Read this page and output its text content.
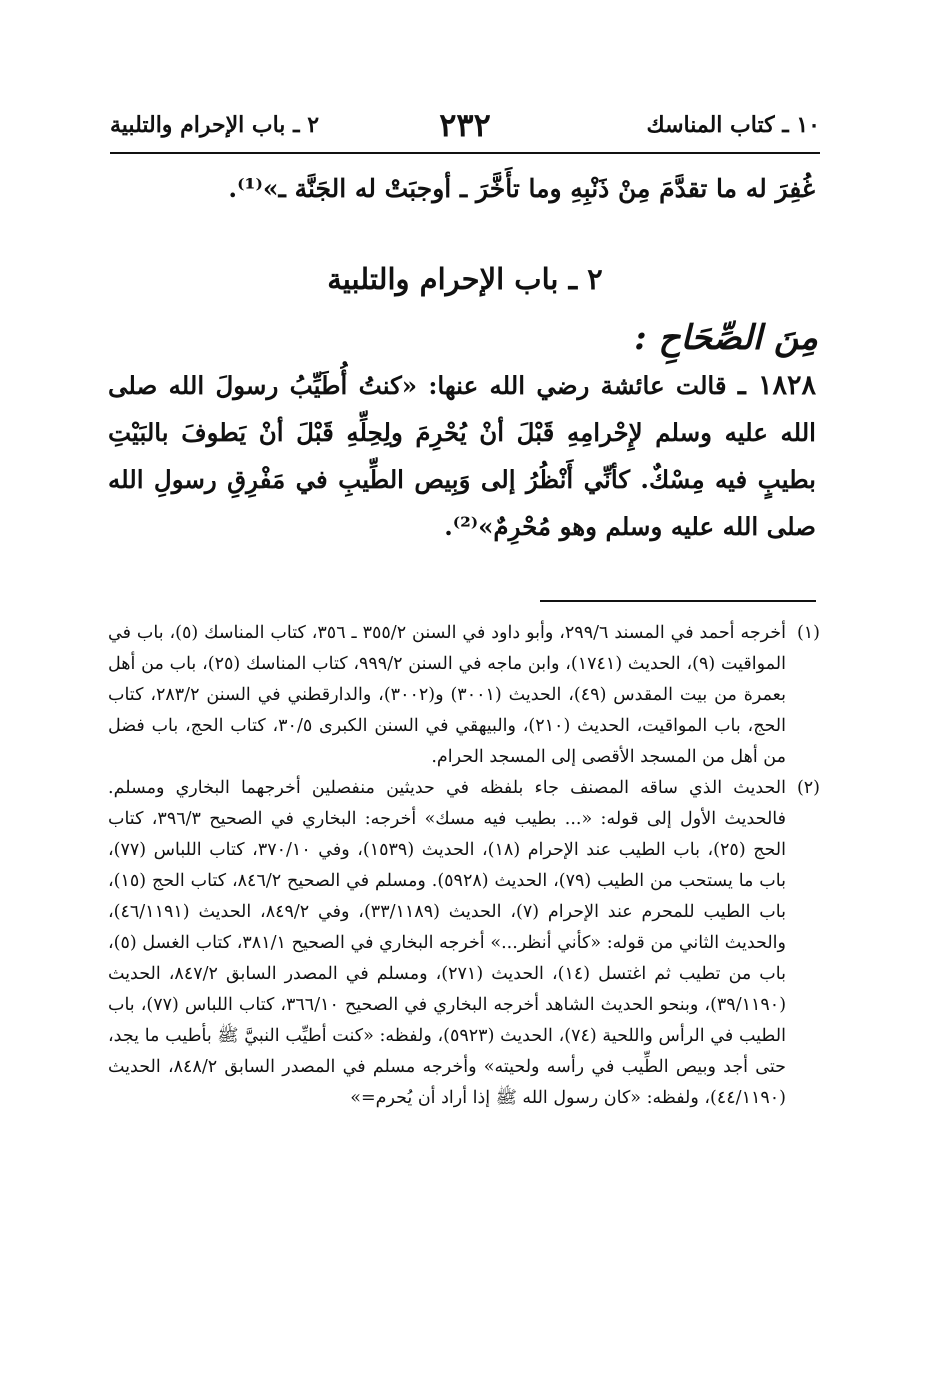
١٠ ـ كتاب المناسك
٢٣٢
٢ ـ باب الإحرام والتلبية
غُفِرَ له ما تقدَّمَ مِنْ ذَنْبِهِ وما تأَخَّرَ ـ أوجبَتْ له الجَنَّة ـ»⁽¹⁾.
٢ ـ باب الإحرام والتلبية
مِنَ الصِّحَاحِ :
١٨٢٨ ـ قالت عائشة رضي الله عنها: «كنتُ أُطَيِّبُ رسولَ الله صلى الله عليه وسلم لإِحْرامِهِ قَبْلَ أنْ يُحْرِمَ ولِحِلِّهِ قَبْلَ أنْ يَطوفَ بالبَيْتِ بطيبٍ فيه مِسْكٌ. كأنِّي أَنْظُرُ إلى وَبِيص الطِّيبِ في مَفْرِقِ رسولِ الله صلى الله عليه وسلم وهو مُحْرِمٌ»⁽²⁾.
(١)
أخرجه أحمد في المسند ٢٩٩/٦، وأبو داود في السنن ٣٥٥/٢ ـ ٣٥٦، كتاب المناسك (٥)، باب في المواقيت (٩)، الحديث (١٧٤١)، وابن ماجه في السنن ٩٩٩/٢، كتاب المناسك (٢٥)، باب من أهل بعمرة من بيت المقدس (٤٩)، الحديث (٣٠٠١) و(٣٠٠٢)، والدارقطني في السنن ٢٨٣/٢، كتاب الحج، باب المواقيت، الحديث (٢١٠)، والبيهقي في السنن الكبرى ٣٠/٥، كتاب الحج، باب فضل من أهل من المسجد الأقصى إلى المسجد الحرام.
(٢)
الحديث الذي ساقه المصنف جاء بلفظه في حديثين منفصلين أخرجهما البخاري ومسلم. فالحديث الأول إلى قوله: «... بطيب فيه مسك» أخرجه: البخاري في الصحيح ٣٩٦/٣، كتاب الحج (٢٥)، باب الطيب عند الإحرام (١٨)، الحديث (١٥٣٩)، وفي ٣٧٠/١٠، كتاب اللباس (٧٧)، باب ما يستحب من الطيب (٧٩)، الحديث (٥٩٢٨). ومسلم في الصحيح ٨٤٦/٢، كتاب الحج (١٥)، باب الطيب للمحرم عند الإحرام (٧)، الحديث (٣٣/١١٨٩)، وفي ٨٤٩/٢، الحديث (٤٦/١١٩١)، والحديث الثاني من قوله: «كأني أنظر...» أخرجه البخاري في الصحيح ٣٨١/١، كتاب الغسل (٥)، باب من تطيب ثم اغتسل (١٤)، الحديث (٢٧١)، ومسلم في المصدر السابق ٨٤٧/٢، الحديث (٣٩/١١٩٠)، وبنحو الحديث الشاهد أخرجه البخاري في الصحيح ٣٦٦/١٠، كتاب اللباس (٧٧)، باب الطيب في الرأس واللحية (٧٤)، الحديث (٥٩٢٣)، ولفظه: «كنت أطيِّب النبيَّ ﷺ بأطيب ما يجد، حتى أجد وبيص الطِّيب في رأسه ولحيته» وأخرجه مسلم في المصدر السابق ٨٤٨/٢، الحديث (٤٤/١١٩٠)، ولفظه: «كان رسول الله ﷺ إذا أراد أن يُحرم=»
